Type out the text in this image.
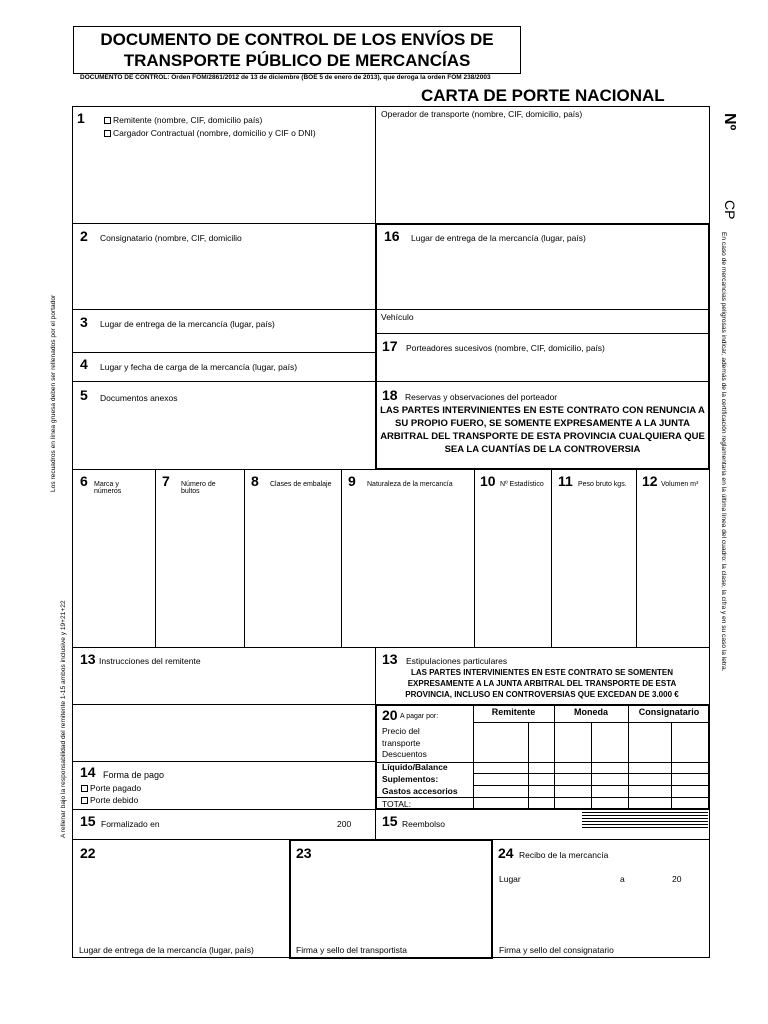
DOCUMENTO DE CONTROL DE LOS ENVÍOS DE
TRANSPORTE PÚBLICO DE MERCANCÍAS
DOCUMENTO DE CONTROL: Orden FOM/2861/2012 de 13 de diciembre (BOE 5 de enero de 2013), que deroga la orden FOM 238/2003
CARTA DE PORTE NACIONAL
Nº
CP
En caso de mercancías peligrosas indicar, además de la certificación reglamentaria en la última línea del cuadro: la clase, la cifra y en su caso la letra.
A rellenar bajo la responsabilidad del remitente 1-15 ambos inclusive y 19+21+22
Los recuadros en línea gruesa deben ser rellenados por el portador
1	Remitente (nombre, CIF, domicilio país)
Cargador Contractual (nombre, domicilio y CIF o DNI)
Operador de transporte (nombre, CIF, domicilio, país)
2 Consignatario (nombre, CIF, domicilio	16 Lugar de entrega de la mercancía (lugar, país)
3 Lugar de entrega de la mercancía (lugar, país)
Vehículo
17 Porteadores sucesivos (nombre, CIF, domicilio, país)
4 Lugar y fecha de carga de la mercancía (lugar, país)
5 Documentos anexos	18 Reservas y observaciones del porteador
LAS PARTES INTERVINIENTES EN ESTE CONTRATO CON RENUNCIA A SU PROPIO FUERO, SE SOMENTE EXPRESAMENTE A LA JUNTA ARBITRAL DEL TRANSPORTE DE ESTA PROVINCIA CUALQUIERA QUE SEA LA CUANTÍAS DE LA CONTROVERSIA
6 Marca y números
7 Número de bultos
8 Clases de embalaje 9 Naturaleza de la mercancía 10 Nº Estadístico 11 Peso bruto kgs. 12 Volumen m³
13 Instrucciones del remitente	13 Estipulaciones particulares
LAS PARTES INTERVINIENTES EN ESTE CONTRATO SE SOMENTEN EXPRESAMENTE A LA JUNTA ARBITRAL DEL TRANSPORTE DE ESTA PROVINCIA, INCLUSO EN CONTROVERSIAS QUE EXCEDAN DE 3.000 €
20 A pagar por:	Remitente	Moneda	Consignatario
Precio del transporte
Descuentos
Líquido/Balance
Suplementos:
Gastos accesorios
TOTAL:
14 Forma de pago
Porte pagado
Porte debido
15 Formalizado en	200 15 Reembolso
22
Lugar de entrega de la mercancía (lugar, país)
23
Firma y sello del transportista
24 Recibo de la mercancía
Lugar	a	20
Firma y sello del consignatario
